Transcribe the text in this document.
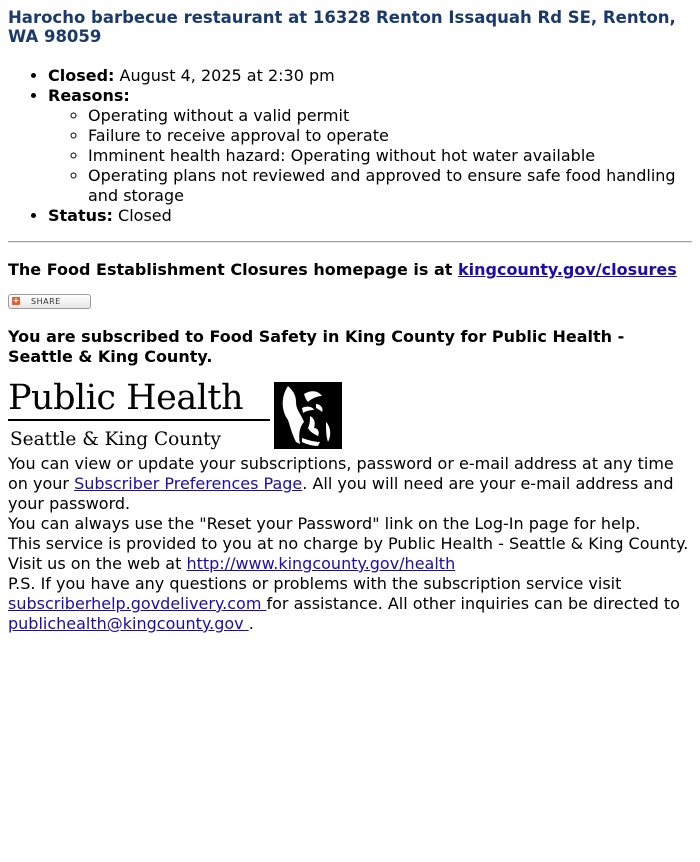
Harocho barbecue restaurant at 16328 Renton Issaquah Rd SE, Renton, WA 98059
• Closed: August 4, 2025 at 2:30 pm
• Reasons:
◦ Operating without a valid permit
◦ Failure to receive approval to operate
◦ Imminent health hazard: Operating without hot water available
◦ Operating plans not reviewed and approved to ensure safe food handling and storage
• Status: Closed
The Food Establishment Closures homepage is at kingcounty.gov/closures
+ SHARE
You are subscribed to Food Safety in King County for Public Health - Seattle & King County.
Public Health
Seattle & King County

You can view or update your subscriptions, password or e-mail address at any time on your Subscriber Preferences Page. All you will need are your e-mail address and your password.

You can always use the "Reset your Password" link on the Log-In page for help.

This service is provided to you at no charge by Public Health - Seattle & King County.

Visit us on the web at http://www.kingcounty.gov/health

P.S. If you have any questions or problems with the subscription service visit subscriberhelp.govdelivery.com for assistance. All other inquiries can be directed to publichealth@kingcounty.gov .
